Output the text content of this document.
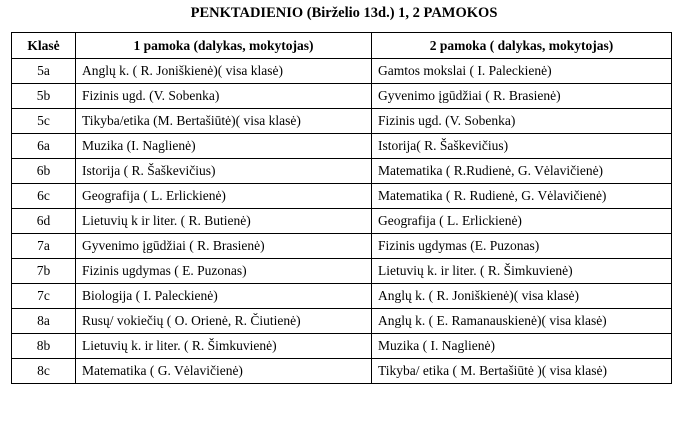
PENKTADIENIO (Birželio 13d.) 1, 2 PAMOKOS
Klasė	1 pamoka (dalykas, mokytojas)	2 pamoka ( dalykas, mokytojas)
5a	Anglų k. ( R. Joniškienė)( visa klasė)	Gamtos mokslai ( I. Paleckienė)
5b	Fizinis ugd. (V. Sobenka)	Gyvenimo įgūdžiai ( R. Brasienė)
5c	Tikyba/etika (M. Bertašiūtė)( visa klasė)	Fizinis ugd. (V. Sobenka)
6a	Muzika (I. Naglienė)	Istorija( R. Šaškevičius)
6b	Istorija ( R. Šaškevičius)	Matematika ( R.Rudienė, G. Vėlavičienė)
6c	Geografija ( L. Erlickienė)	Matematika ( R. Rudienė, G. Vėlavičienė)
6d	Lietuvių k ir liter. ( R. Butienė)	Geografija ( L. Erlickienė)
7a	Gyvenimo įgūdžiai ( R. Brasienė)	Fizinis ugdymas (E. Puzonas)
7b	Fizinis ugdymas ( E. Puzonas)	Lietuvių k. ir liter. ( R. Šimkuvienė)
7c	Biologija ( I. Paleckienė)	Anglų k. ( R. Joniškienė)( visa klasė)
8a	Rusų/ vokiečių ( O. Orienė, R. Čiutienė)	Anglų k. ( E. Ramanauskienė)( visa klasė)
8b	Lietuvių k. ir liter. ( R. Šimkuvienė)	Muzika ( I. Naglienė)
8c	Matematika ( G. Vėlavičienė)	Tikyba/ etika ( M. Bertašiūtė )( visa klasė)
